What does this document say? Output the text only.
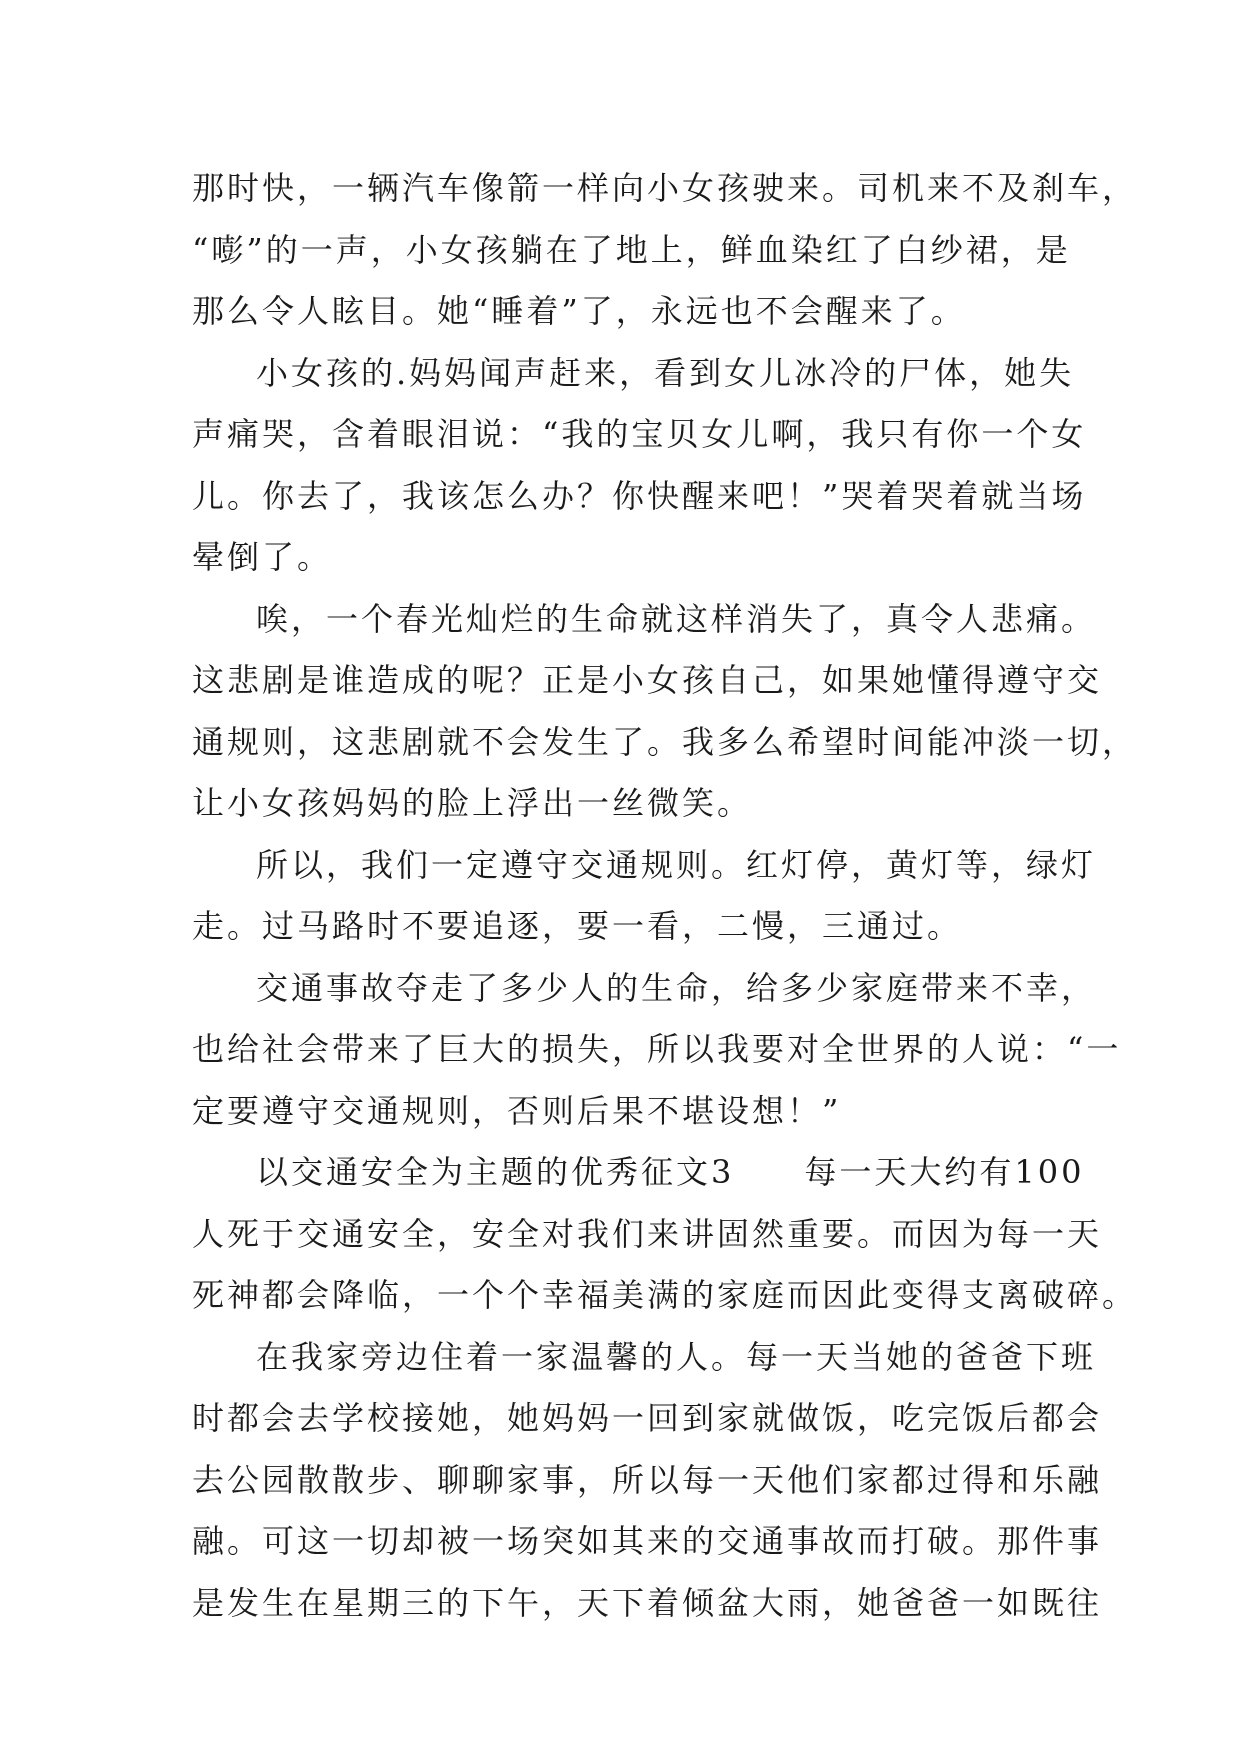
那时快，一辆汽车像箭一样向小女孩驶来。司机来不及刹车，
“嘭”的一声，小女孩躺在了地上，鲜血染红了白纱裙，是
那么令人眩目。她“睡着”了，永远也不会醒来了。
小女孩的.妈妈闻声赶来，看到女儿冰冷的尸体，她失
声痛哭，含着眼泪说：“我的宝贝女儿啊，我只有你一个女
儿。你去了，我该怎么办？你快醒来吧！”哭着哭着就当场
晕倒了。
唉，一个春光灿烂的生命就这样消失了，真令人悲痛。
这悲剧是谁造成的呢？正是小女孩自己，如果她懂得遵守交
通规则，这悲剧就不会发生了。我多么希望时间能冲淡一切，
让小女孩妈妈的脸上浮出一丝微笑。
所以，我们一定遵守交通规则。红灯停，黄灯等，绿灯
走。过马路时不要追逐，要一看，二慢，三通过。
交通事故夺走了多少人的生命，给多少家庭带来不幸，
也给社会带来了巨大的损失，所以我要对全世界的人说：“一
定要遵守交通规则，否则后果不堪设想！”
以交通安全为主题的优秀征文3　　每一天大约有100
人死于交通安全，安全对我们来讲固然重要。而因为每一天
死神都会降临，一个个幸福美满的家庭而因此变得支离破碎。
在我家旁边住着一家温馨的人。每一天当她的爸爸下班
时都会去学校接她，她妈妈一回到家就做饭，吃完饭后都会
去公园散散步、聊聊家事，所以每一天他们家都过得和乐融
融。可这一切却被一场突如其来的交通事故而打破。那件事
是发生在星期三的下午，天下着倾盆大雨，她爸爸一如既往
